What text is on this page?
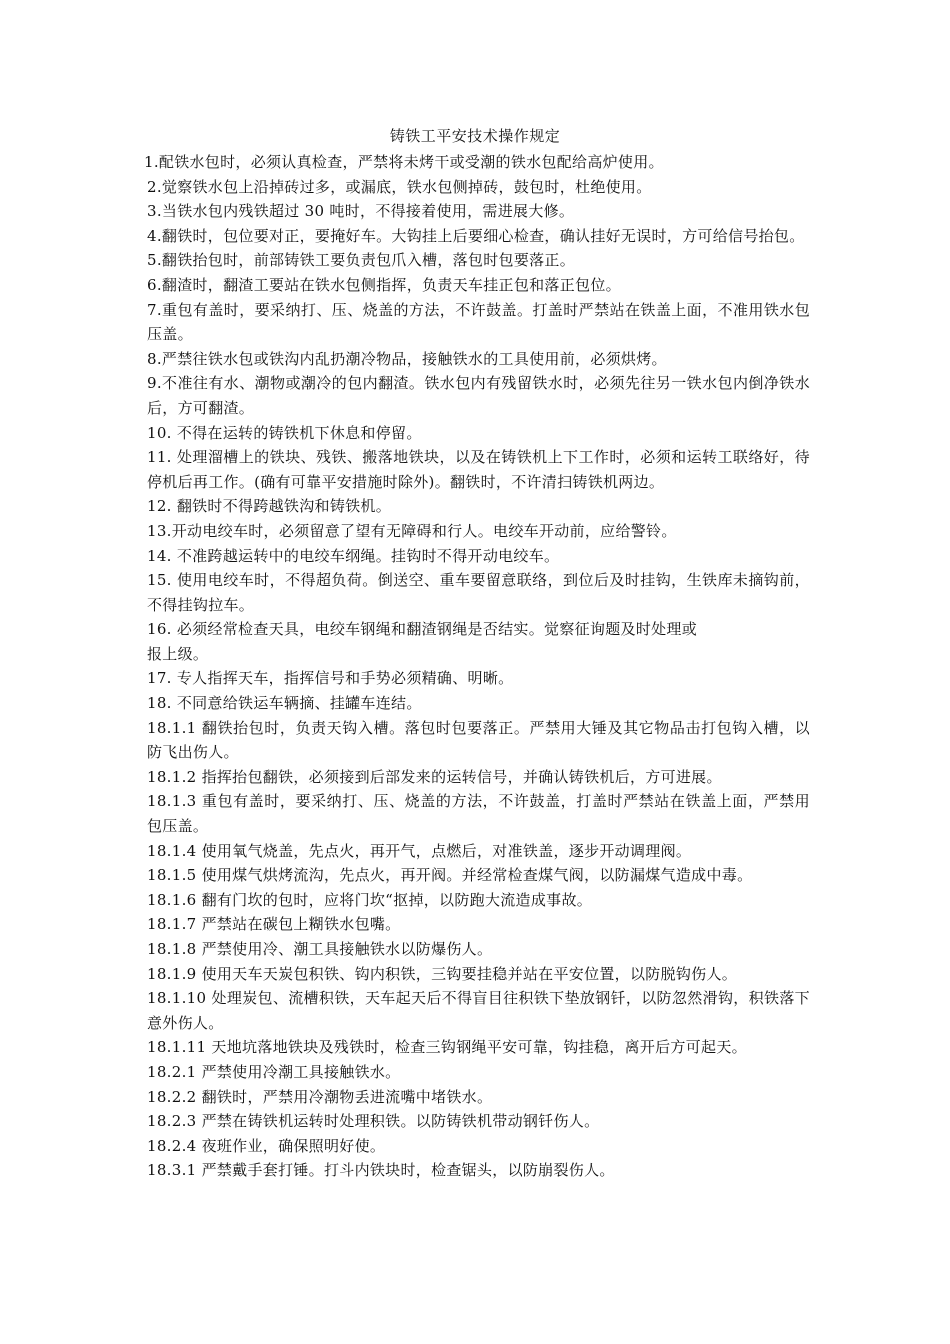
铸铁工平安技术操作规定

1.配铁水包时，必须认真检查，严禁将未烤干或受潮的铁水包配给高炉使用。

2.觉察铁水包上沿掉砖过多，或漏底，铁水包侧掉砖，鼓包时，杜绝使用。

3.当铁水包内残铁超过 30 吨时，不得接着使用，需进展大修。

4.翻铁时，包位要对正，要掩好车。大钩挂上后要细心检查，确认挂好无误时，方可给信号抬包。

5.翻铁抬包时，前部铸铁工要负责包爪入槽，落包时包要落正。

6.翻渣时，翻渣工要站在铁水包侧指挥，负责天车挂正包和落正包位。

7.重包有盖时，要采纳打、压、烧盖的方法，不许鼓盖。打盖时严禁站在铁盖上面，不准用铁水包压盖。

8.严禁往铁水包或铁沟内乱扔潮冷物品，接触铁水的工具使用前，必须烘烤。

9.不准往有水、潮物或潮冷的包内翻渣。铁水包内有残留铁水时，必须先往另一铁水包内倒净铁水后，方可翻渣。

10. 不得在运转的铸铁机下休息和停留。

11. 处理溜槽上的铁块、残铁、搬落地铁块，以及在铸铁机上下工作时，必须和运转工联络好，待停机后再工作。(确有可靠平安措施时除外)。翻铁时，不许清扫铸铁机两边。

12. 翻铁时不得跨越铁沟和铸铁机。

13.开动电绞车时，必须留意了望有无障碍和行人。电绞车开动前，应给警铃。

14. 不准跨越运转中的电绞车纲绳。挂钩时不得开动电绞车。

15. 使用电绞车时，不得超负荷。倒送空、重车要留意联络，到位后及时挂钩，生铁库未摘钩前，不得挂钩拉车。

16. 必须经常检查天具，电绞车钢绳和翻渣钢绳是否结实。觉察征询题及时处理或

报上级。

17. 专人指挥天车，指挥信号和手势必须精确、明晰。

18. 不同意给铁运车辆摘、挂罐车连结。

18.1.1 翻铁抬包时，负责天钩入槽。落包时包要落正。严禁用大锤及其它物品击打包钩入槽，以防飞出伤人。

18.1.2 指挥抬包翻铁，必须接到后部发来的运转信号，并确认铸铁机后，方可进展。

18.1.3 重包有盖时，要采纳打、压、烧盖的方法，不许鼓盖，打盖时严禁站在铁盖上面，严禁用包压盖。

18.1.4 使用氧气烧盖，先点火，再开气，点燃后，对准铁盖，逐步开动调理阀。

18.1.5 使用煤气烘烤流沟，先点火，再开阀。并经常检查煤气阀，以防漏煤气造成中毒。

18.1.6 翻有门坎的包时，应将门坎“抠掉，以防跑大流造成事故。

18.1.7 严禁站在碳包上糊铁水包嘴。

18.1.8 严禁使用冷、潮工具接触铁水以防爆伤人。

18.1.9 使用天车天炭包积铁、钩内积铁，三钩要挂稳并站在平安位置，以防脱钩伤人。

18.1.10 处理炭包、流槽积铁，天车起天后不得盲目往积铁下垫放钢钎，以防忽然滑钩，积铁落下意外伤人。

18.1.11 天地坑落地铁块及残铁时，检查三钩钢绳平安可靠，钩挂稳，离开后方可起天。

18.2.1 严禁使用冷潮工具接触铁水。

18.2.2 翻铁时，严禁用冷潮物丢进流嘴中堵铁水。

18.2.3 严禁在铸铁机运转时处理积铁。以防铸铁机带动钢钎伤人。

18.2.4 夜班作业，确保照明好使。

18.3.1 严禁戴手套打锤。打斗内铁块时，检查锯头，以防崩裂伤人。
